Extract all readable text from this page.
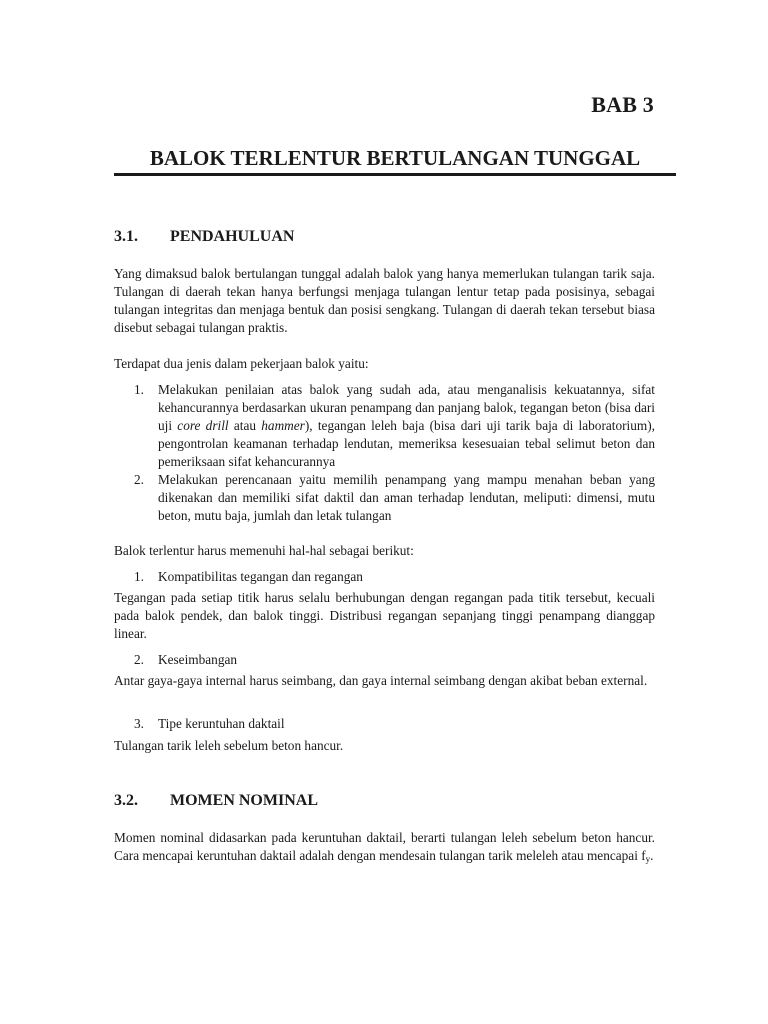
BAB 3
BALOK TERLENTUR BERTULANGAN TUNGGAL
3.1. PENDAHULUAN

Yang dimaksud balok bertulangan tunggal adalah balok yang hanya memerlukan tulangan tarik saja. Tulangan di daerah tekan hanya berfungsi menjaga tulangan lentur tetap pada posisinya, sebagai tulangan integritas dan menjaga bentuk dan posisi sengkang. Tulangan di daerah tekan tersebut biasa disebut sebagai tulangan praktis.

Terdapat dua jenis dalam pekerjaan balok yaitu:

1. Melakukan penilaian atas balok yang sudah ada, atau menganalisis kekuatannya, sifat kehancurannya berdasarkan ukuran penampang dan panjang balok, tegangan beton (bisa dari uji core drill atau hammer), tegangan leleh baja (bisa dari uji tarik baja di laboratorium), pengontrolan keamanan terhadap lendutan, memeriksa kesesuaian tebal selimut beton dan pemeriksaan sifat kehancurannya
2. Melakukan perencanaan yaitu memilih penampang yang mampu menahan beban yang dikenakan dan memiliki sifat daktil dan aman terhadap lendutan, meliputi: dimensi, mutu beton, mutu baja, jumlah dan letak tulangan

Balok terlentur harus memenuhi hal-hal sebagai berikut:

1. Kompatibilitas tegangan dan regangan

Tegangan pada setiap titik harus selalu berhubungan dengan regangan pada titik tersebut, kecuali pada balok pendek, dan balok tinggi. Distribusi regangan sepanjang tinggi penampang dianggap linear.

2. Keseimbangan

Antar gaya-gaya internal harus seimbang, dan gaya internal seimbang dengan akibat beban external.

3. Tipe keruntuhan daktail

Tulangan tarik leleh sebelum beton hancur.

3.2. MOMEN NOMINAL

Momen nominal didasarkan pada keruntuhan daktail, berarti tulangan leleh sebelum beton hancur. Cara mencapai keruntuhan daktail adalah dengan mendesain tulangan tarik meleleh atau mencapai $f_y$.
